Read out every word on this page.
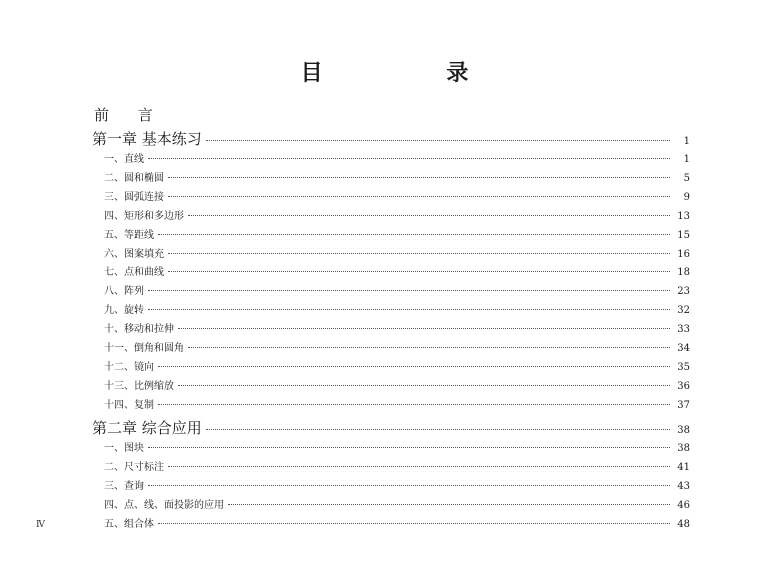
目 录
前 言
第一章 基本练习	1
一、直线	1
二、圆和椭圆	5
三、圆弧连接	9
四、矩形和多边形	13
五、等距线	15
六、图案填充	16
七、点和曲线	18
八、阵列	23
九、旋转	32
十、移动和拉伸	33
十一、倒角和圆角	34
十二、镜向	35
十三、比例缩放	36
十四、复制	37
第二章 综合应用	38
一、图块	38
二、尺寸标注	41
三、查询	43
四、点、线、面投影的应用	46
五、组合体	48
Ⅳ
